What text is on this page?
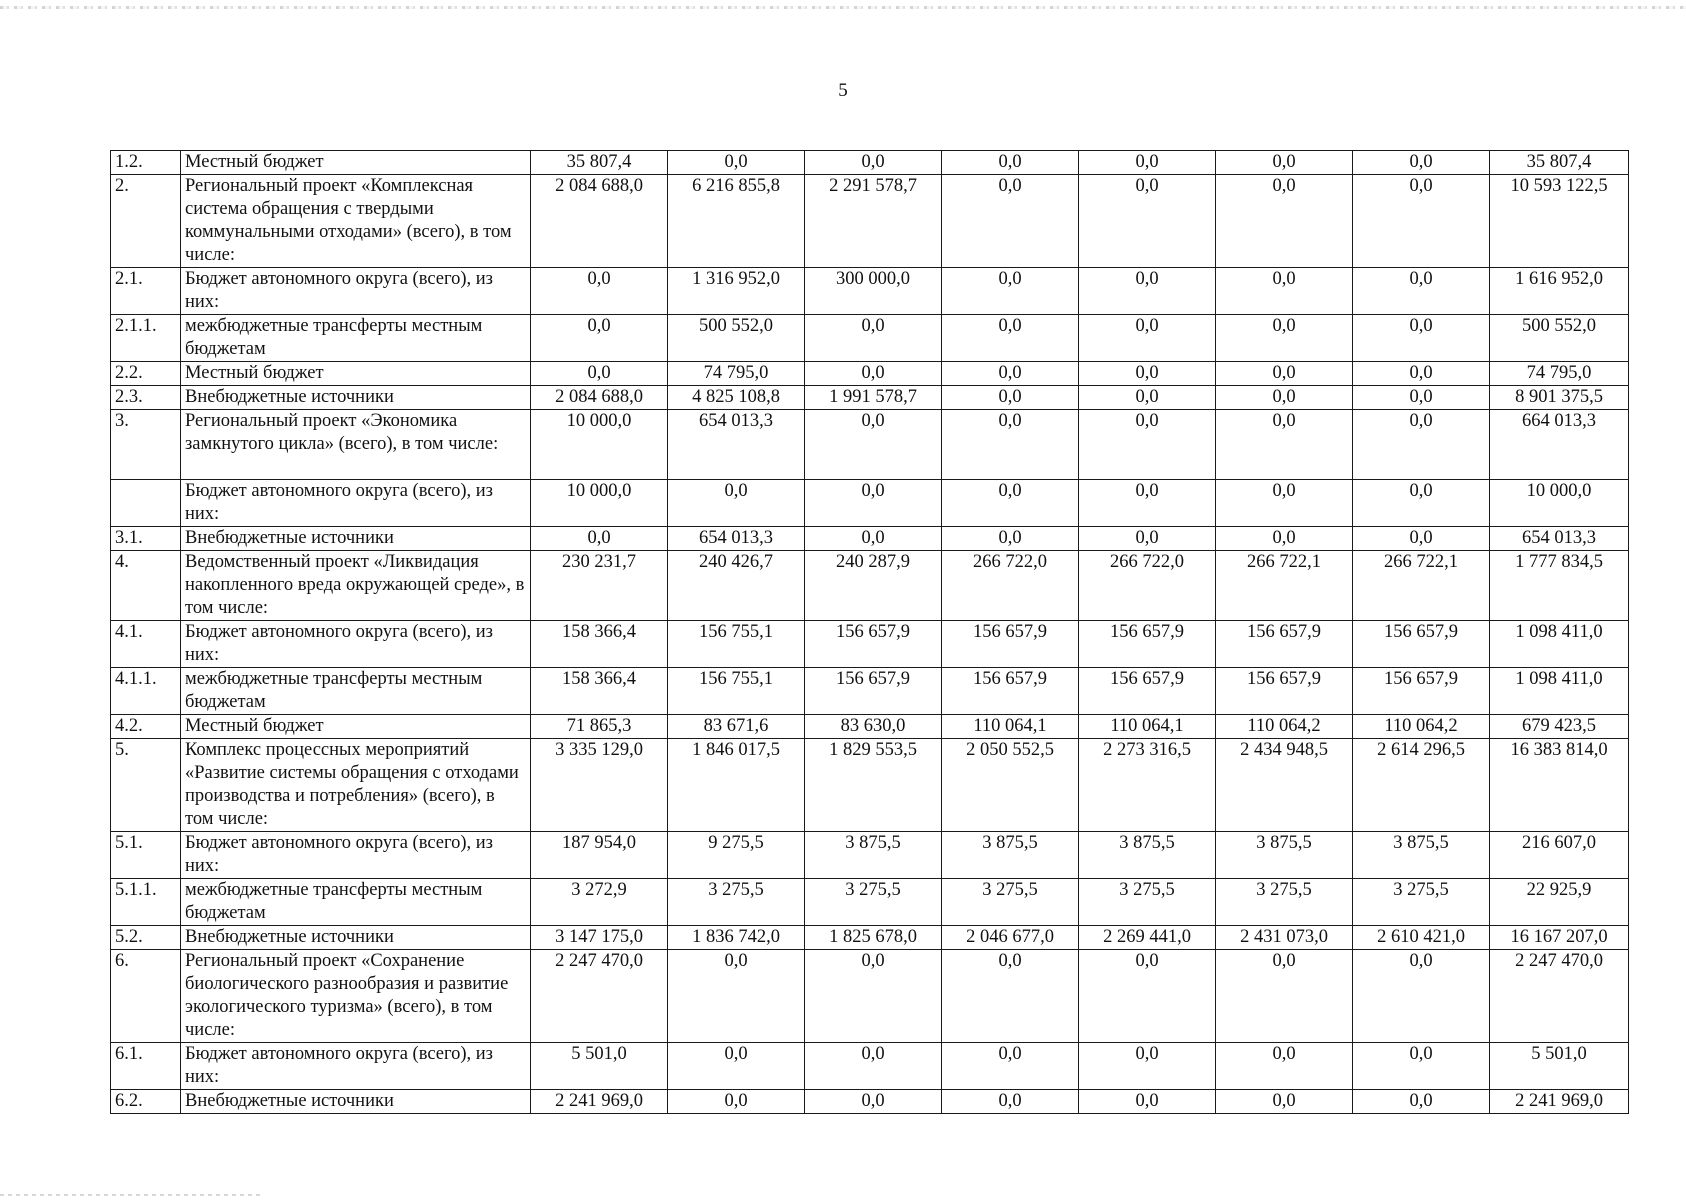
5
1.2.	Местный бюджет	35 807,4	0,0	0,0	0,0	0,0	0,0	0,0	35 807,4
2.	Региональный проект «Комплексная система обращения с твердыми коммунальными отходами» (всего), в том числе:	2 084 688,0	6 216 855,8	2 291 578,7	0,0	0,0	0,0	0,0	10 593 122,5
2.1.	Бюджет автономного округа (всего), из них:	0,0	1 316 952,0	300 000,0	0,0	0,0	0,0	0,0	1 616 952,0
2.1.1.	межбюджетные трансферты местным бюджетам	0,0	500 552,0	0,0	0,0	0,0	0,0	0,0	500 552,0
2.2.	Местный бюджет	0,0	74 795,0	0,0	0,0	0,0	0,0	0,0	74 795,0
2.3.	Внебюджетные источники	2 084 688,0	4 825 108,8	1 991 578,7	0,0	0,0	0,0	0,0	8 901 375,5
3.	Региональный проект «Экономика замкнутого цикла» (всего), в том числе:	10 000,0	654 013,3	0,0	0,0	0,0	0,0	0,0	664 013,3
	Бюджет автономного округа (всего), из них:	10 000,0	0,0	0,0	0,0	0,0	0,0	0,0	10 000,0
3.1.	Внебюджетные источники	0,0	654 013,3	0,0	0,0	0,0	0,0	0,0	654 013,3
4.	Ведомственный проект «Ликвидация накопленного вреда окружающей среде», в том числе:	230 231,7	240 426,7	240 287,9	266 722,0	266 722,0	266 722,1	266 722,1	1 777 834,5
4.1.	Бюджет автономного округа (всего), из них:	158 366,4	156 755,1	156 657,9	156 657,9	156 657,9	156 657,9	156 657,9	1 098 411,0
4.1.1.	межбюджетные трансферты местным бюджетам	158 366,4	156 755,1	156 657,9	156 657,9	156 657,9	156 657,9	156 657,9	1 098 411,0
4.2.	Местный бюджет	71 865,3	83 671,6	83 630,0	110 064,1	110 064,1	110 064,2	110 064,2	679 423,5
5.	Комплекс процессных мероприятий «Развитие системы обращения с отходами производства и потребления» (всего), в том числе:	3 335 129,0	1 846 017,5	1 829 553,5	2 050 552,5	2 273 316,5	2 434 948,5	2 614 296,5	16 383 814,0
5.1.	Бюджет автономного округа (всего), из них:	187 954,0	9 275,5	3 875,5	3 875,5	3 875,5	3 875,5	3 875,5	216 607,0
5.1.1.	межбюджетные трансферты местным бюджетам	3 272,9	3 275,5	3 275,5	3 275,5	3 275,5	3 275,5	3 275,5	22 925,9
5.2.	Внебюджетные источники	3 147 175,0	1 836 742,0	1 825 678,0	2 046 677,0	2 269 441,0	2 431 073,0	2 610 421,0	16 167 207,0
6.	Региональный проект «Сохранение биологического разнообразия и развитие экологического туризма» (всего), в том числе:	2 247 470,0	0,0	0,0	0,0	0,0	0,0	0,0	2 247 470,0
6.1.	Бюджет автономного округа (всего), из них:	5 501,0	0,0	0,0	0,0	0,0	0,0	0,0	5 501,0
6.2.	Внебюджетные источники	2 241 969,0	0,0	0,0	0,0	0,0	0,0	0,0	2 241 969,0
